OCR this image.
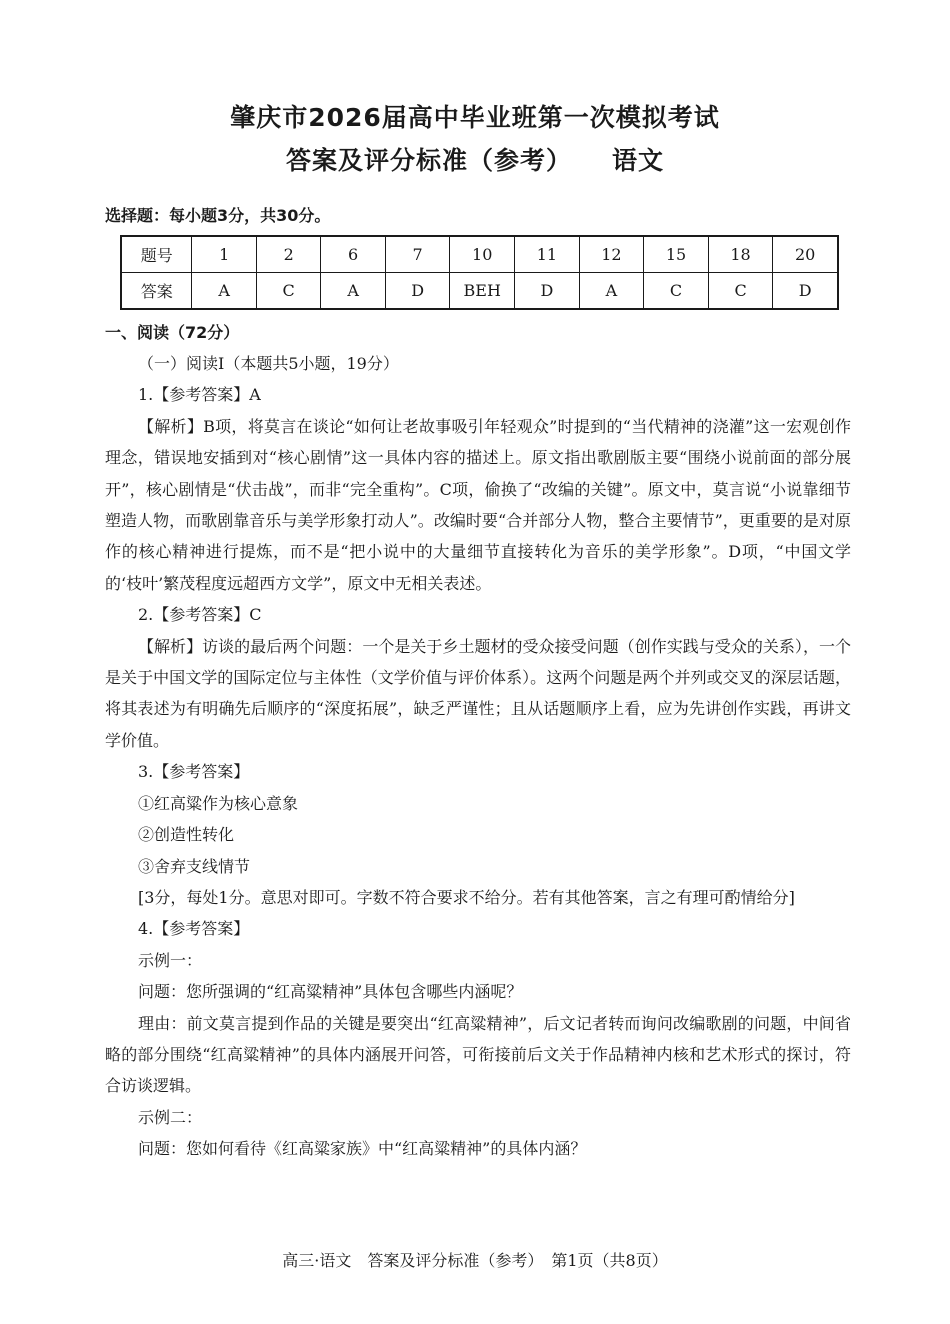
肇庆市2026届高中毕业班第一次模拟考试
答案及评分标准（参考） 语文
选择题：每小题3分，共30分。
题号	1	2	6	7	10	11	12	15	18	20
答案	A	C	A	D	BEH	D	A	C	C	D
一、阅读（72分）

（一）阅读Ⅰ（本题共5小题，19分）

1.【参考答案】A

【解析】B项，将莫言在谈论“如何让老故事吸引年轻观众”时提到的“当代精神的浇灌”这一宏观创作理念，错误地安插到对“核心剧情”这一具体内容的描述上。原文指出歌剧版主要“围绕小说前面的部分展开”，核心剧情是“伏击战”，而非“完全重构”。C项，偷换了“改编的关键”。原文中，莫言说“小说靠细节塑造人物，而歌剧靠音乐与美学形象打动人”。改编时要“合并部分人物，整合主要情节”，更重要的是对原作的核心精神进行提炼，而不是“把小说中的大量细节直接转化为音乐的美学形象”。D项，“中国文学的‘枝叶’繁茂程度远超西方文学”，原文中无相关表述。

2.【参考答案】C

【解析】访谈的最后两个问题：一个是关于乡土题材的受众接受问题（创作实践与受众的关系），一个是关于中国文学的国际定位与主体性（文学价值与评价体系）。这两个问题是两个并列或交叉的深层话题，将其表述为有明确先后顺序的“深度拓展”，缺乏严谨性；且从话题顺序上看，应为先讲创作实践，再讲文学价值。

3.【参考答案】

①红高粱作为核心意象

②创造性转化

③舍弃支线情节

[3分，每处1分。意思对即可。字数不符合要求不给分。若有其他答案，言之有理可酌情给分]

4.【参考答案】

示例一：

问题：您所强调的“红高粱精神”具体包含哪些内涵呢？

理由：前文莫言提到作品的关键是要突出“红高粱精神”，后文记者转而询问改编歌剧的问题，中间省略的部分围绕“红高粱精神”的具体内涵展开问答，可衔接前后文关于作品精神内核和艺术形式的探讨，符合访谈逻辑。

示例二：

问题：您如何看待《红高粱家族》中“红高粱精神”的具体内涵？

高三·语文　答案及评分标准（参考）　第1页（共8页）
